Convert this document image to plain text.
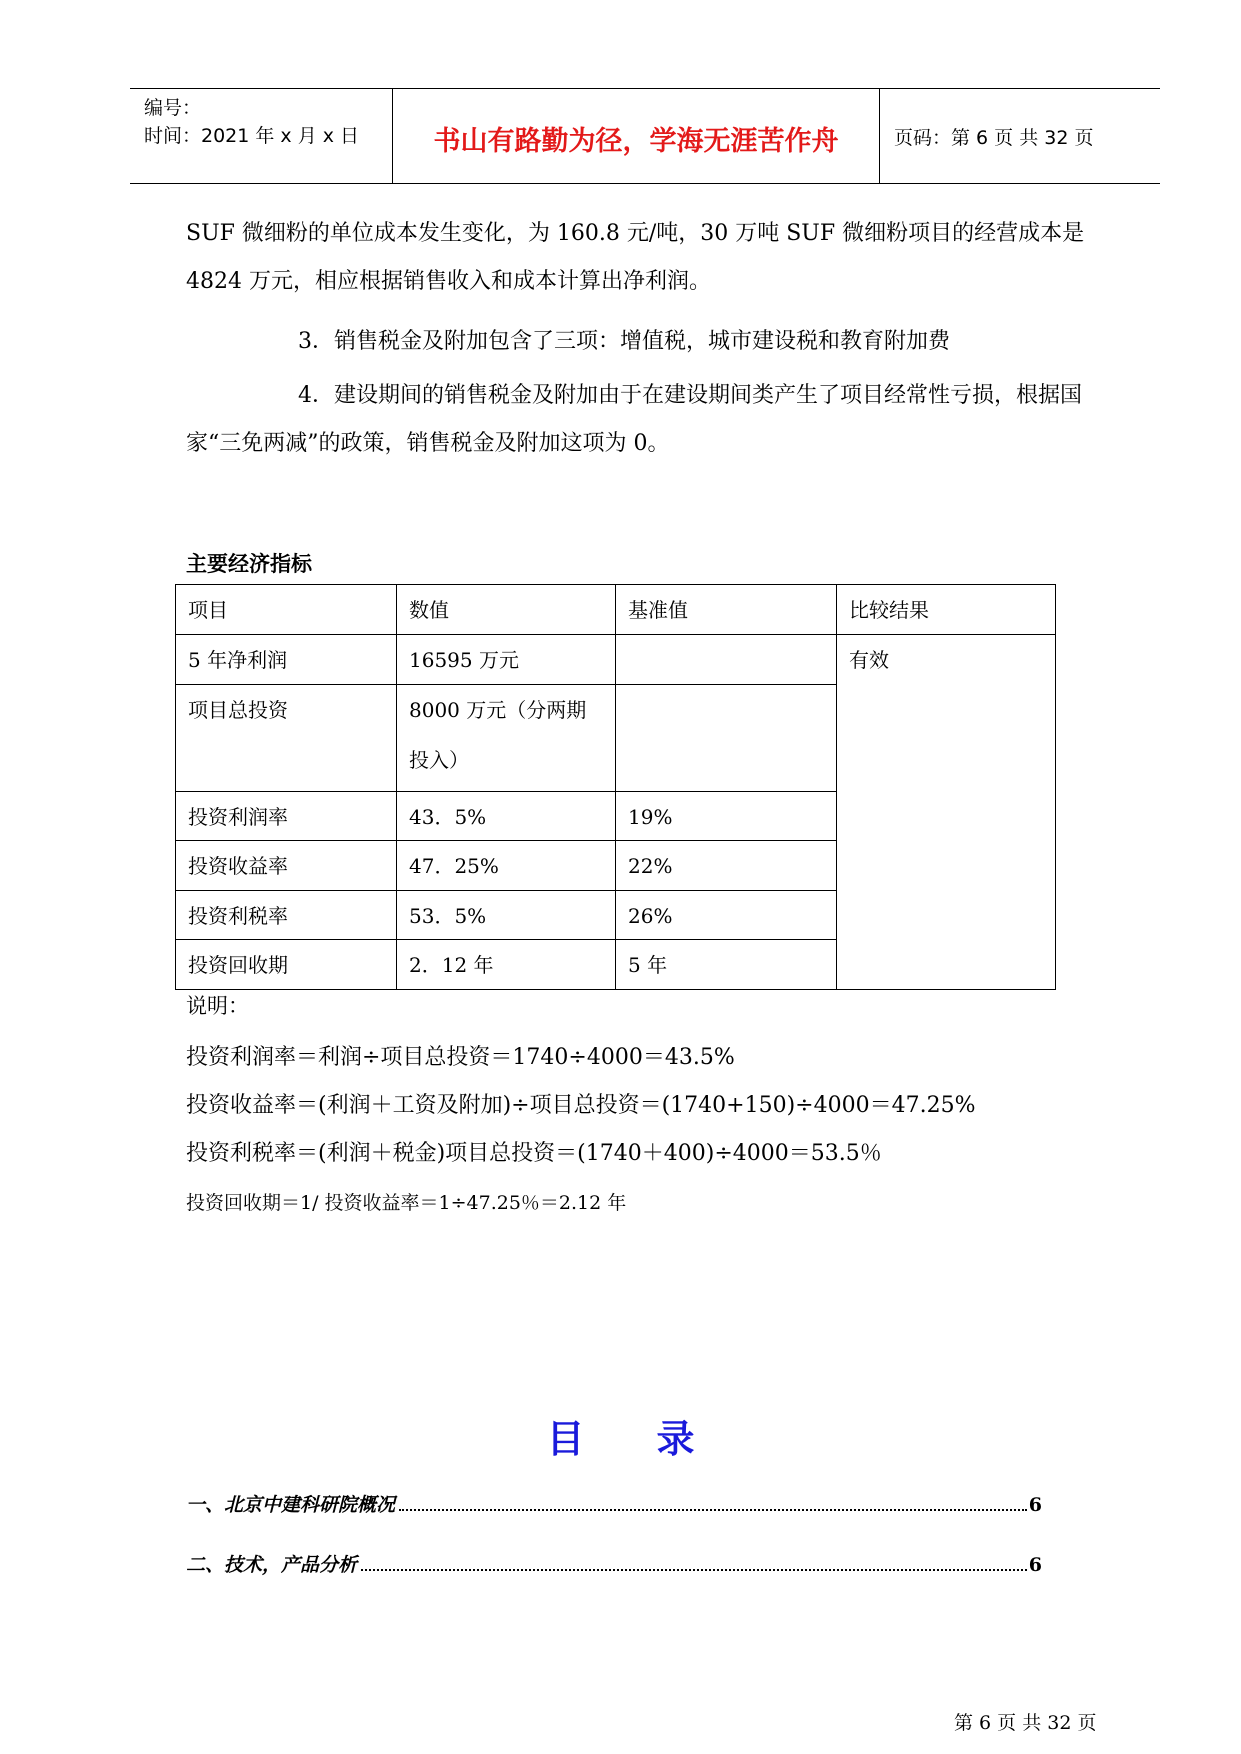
编号：
时间：2021 年 x 月 x 日	书山有路勤为径，学海无涯苦作舟	页码：第 6 页 共 32 页
SUF 微细粉的单位成本发生变化，为 160.8 元/吨，30 万吨 SUF 微细粉项目的经营成本是 4824 万元，相应根据销售收入和成本计算出净利润。
3．销售税金及附加包含了三项：增值税，城市建设税和教育附加费
4．建设期间的销售税金及附加由于在建设期间类产生了项目经常性亏损，根据国家“三免两减”的政策，销售税金及附加这项为 0。
主要经济指标
项目	数值	基准值	比较结果
5 年净利润	16595 万元		有效
项目总投资	8000 万元（分两期投入）		
投资利润率	43．5%	19%	
投资收益率	47．25%	22%	
投资利税率	53．5%	26%	
投资回收期	2．12 年	5 年	
说明：
投资利润率＝利润÷项目总投资＝1740÷4000＝43.5%
投资收益率＝(利润＋工资及附加)÷项目总投资＝(1740+150)÷4000＝47.25%
投资利税率＝(利润＋税金)项目总投资＝(1740＋400)÷4000＝53.5％
投资回收期＝1/ 投资收益率＝1÷47.25％＝2.12 年
目录
一、北京中建科研院概况	6
二、技术，产品分析	6
第 6 页 共 32 页
